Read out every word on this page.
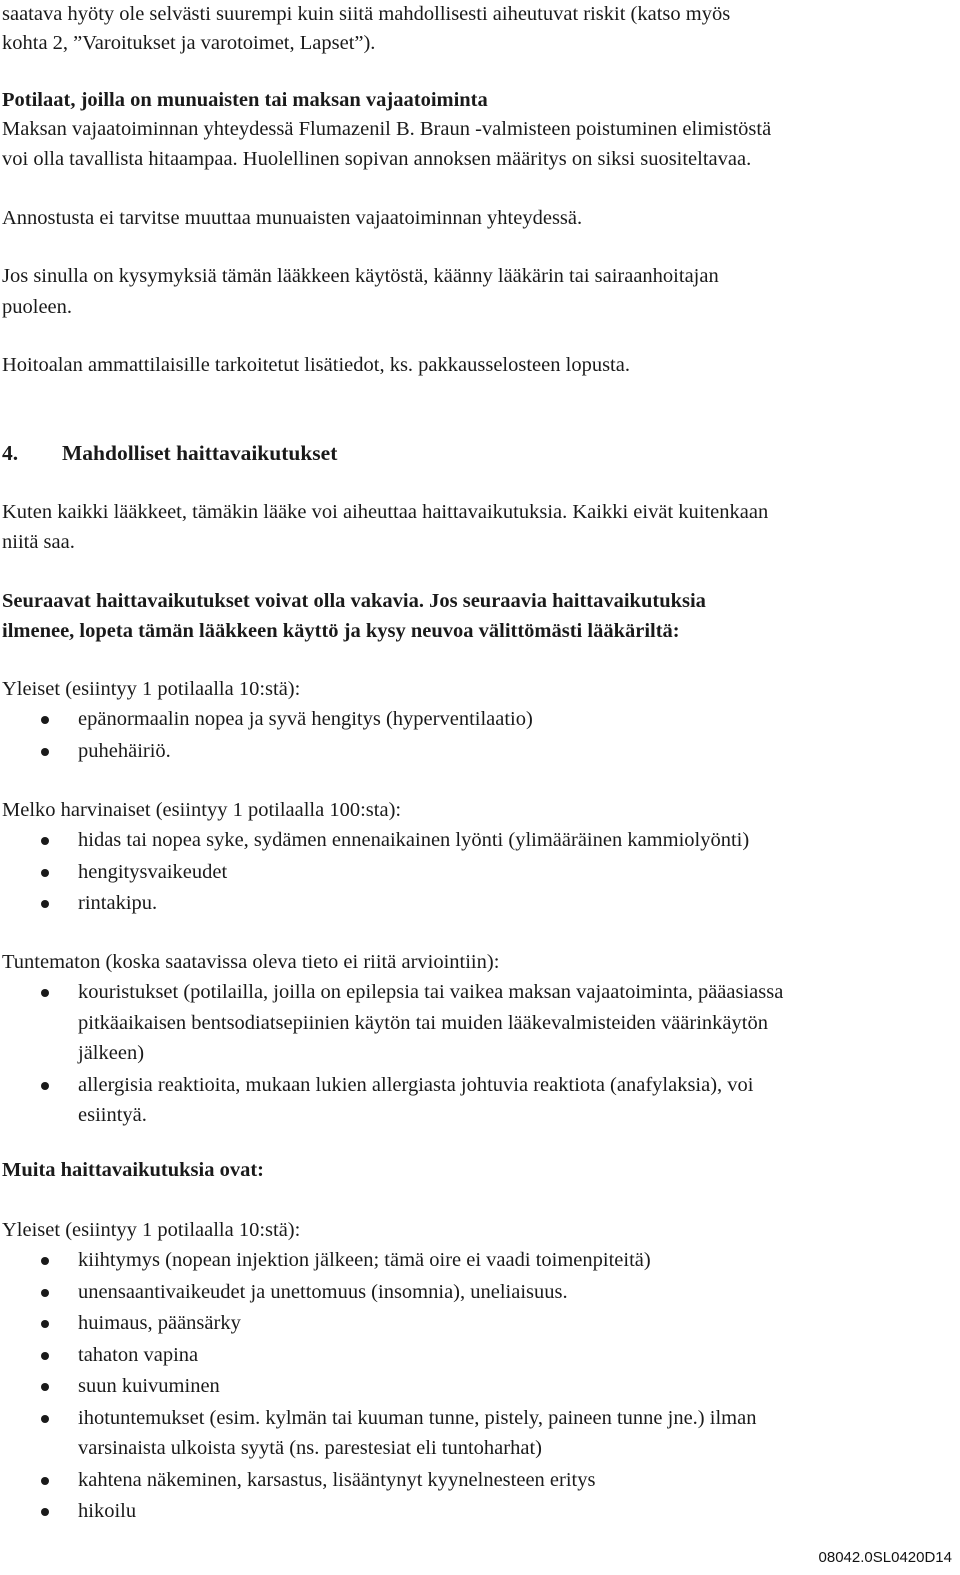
saatava hyöty ole selvästi suurempi kuin siitä mahdollisesti aiheutuvat riskit (katso myös
kohta 2, ”Varoitukset ja varotoimet, Lapset”).
Potilaat, joilla on munuaisten tai maksan vajaatoiminta
Maksan vajaatoiminnan yhteydessä Flumazenil B. Braun -valmisteen poistuminen elimistöstä
voi olla tavallista hitaampaa. Huolellinen sopivan annoksen määritys on siksi suositeltavaa.
Annostusta ei tarvitse muuttaa munuaisten vajaatoiminnan yhteydessä.
Jos sinulla on kysymyksiä tämän lääkkeen käytöstä, käänny lääkärin tai sairaanhoitajan
puoleen.
Hoitoalan ammattilaisille tarkoitetut lisätiedot, ks. pakkausselosteen lopusta.
4. Mahdolliset haittavaikutukset
Kuten kaikki lääkkeet, tämäkin lääke voi aiheuttaa haittavaikutuksia. Kaikki eivät kuitenkaan
niitä saa.
Seuraavat haittavaikutukset voivat olla vakavia. Jos seuraavia haittavaikutuksia
ilmenee, lopeta tämän lääkkeen käyttö ja kysy neuvoa välittömästi lääkäriltä:
Yleiset (esiintyy 1 potilaalla 10:stä):
Melko harvinaiset (esiintyy 1 potilaalla 100:sta):
Tuntematon (koska saatavissa oleva tieto ei riitä arviointiin):
Muita haittavaikutuksia ovat:
Yleiset (esiintyy 1 potilaalla 10:stä):
epänormaalin nopea ja syvä hengitys (hyperventilaatio)
puhehäiriö.
hidas tai nopea syke, sydämen ennenaikainen lyönti (ylimääräinen kammiolyönti)
hengitysvaikeudet
rintakipu.
kouristukset (potilailla, joilla on epilepsia tai vaikea maksan vajaatoiminta, pääasiassa
pitkäaikaisen bentsodiatsepiinien käytön tai muiden lääkevalmisteiden väärinkäytön
jälkeen)
allergisia reaktioita, mukaan lukien allergiasta johtuvia reaktiota (anafylaksia), voi
esiintyä.
kiihtymys (nopean injektion jälkeen; tämä oire ei vaadi toimenpiteitä)
unensaantivaikeudet ja unettomuus (insomnia), uneliaisuus.
huimaus, päänsärky
tahaton vapina
suun kuivuminen
ihotuntemukset (esim. kylmän tai kuuman tunne, pistely, paineen tunne jne.) ilman
varsinaista ulkoista syytä (ns. parestesiat eli tuntoharhat)
kahtena näkeminen, karsastus, lisääntynyt kyynelnesteen eritys
hikoilu
08042.0SL0420D14
